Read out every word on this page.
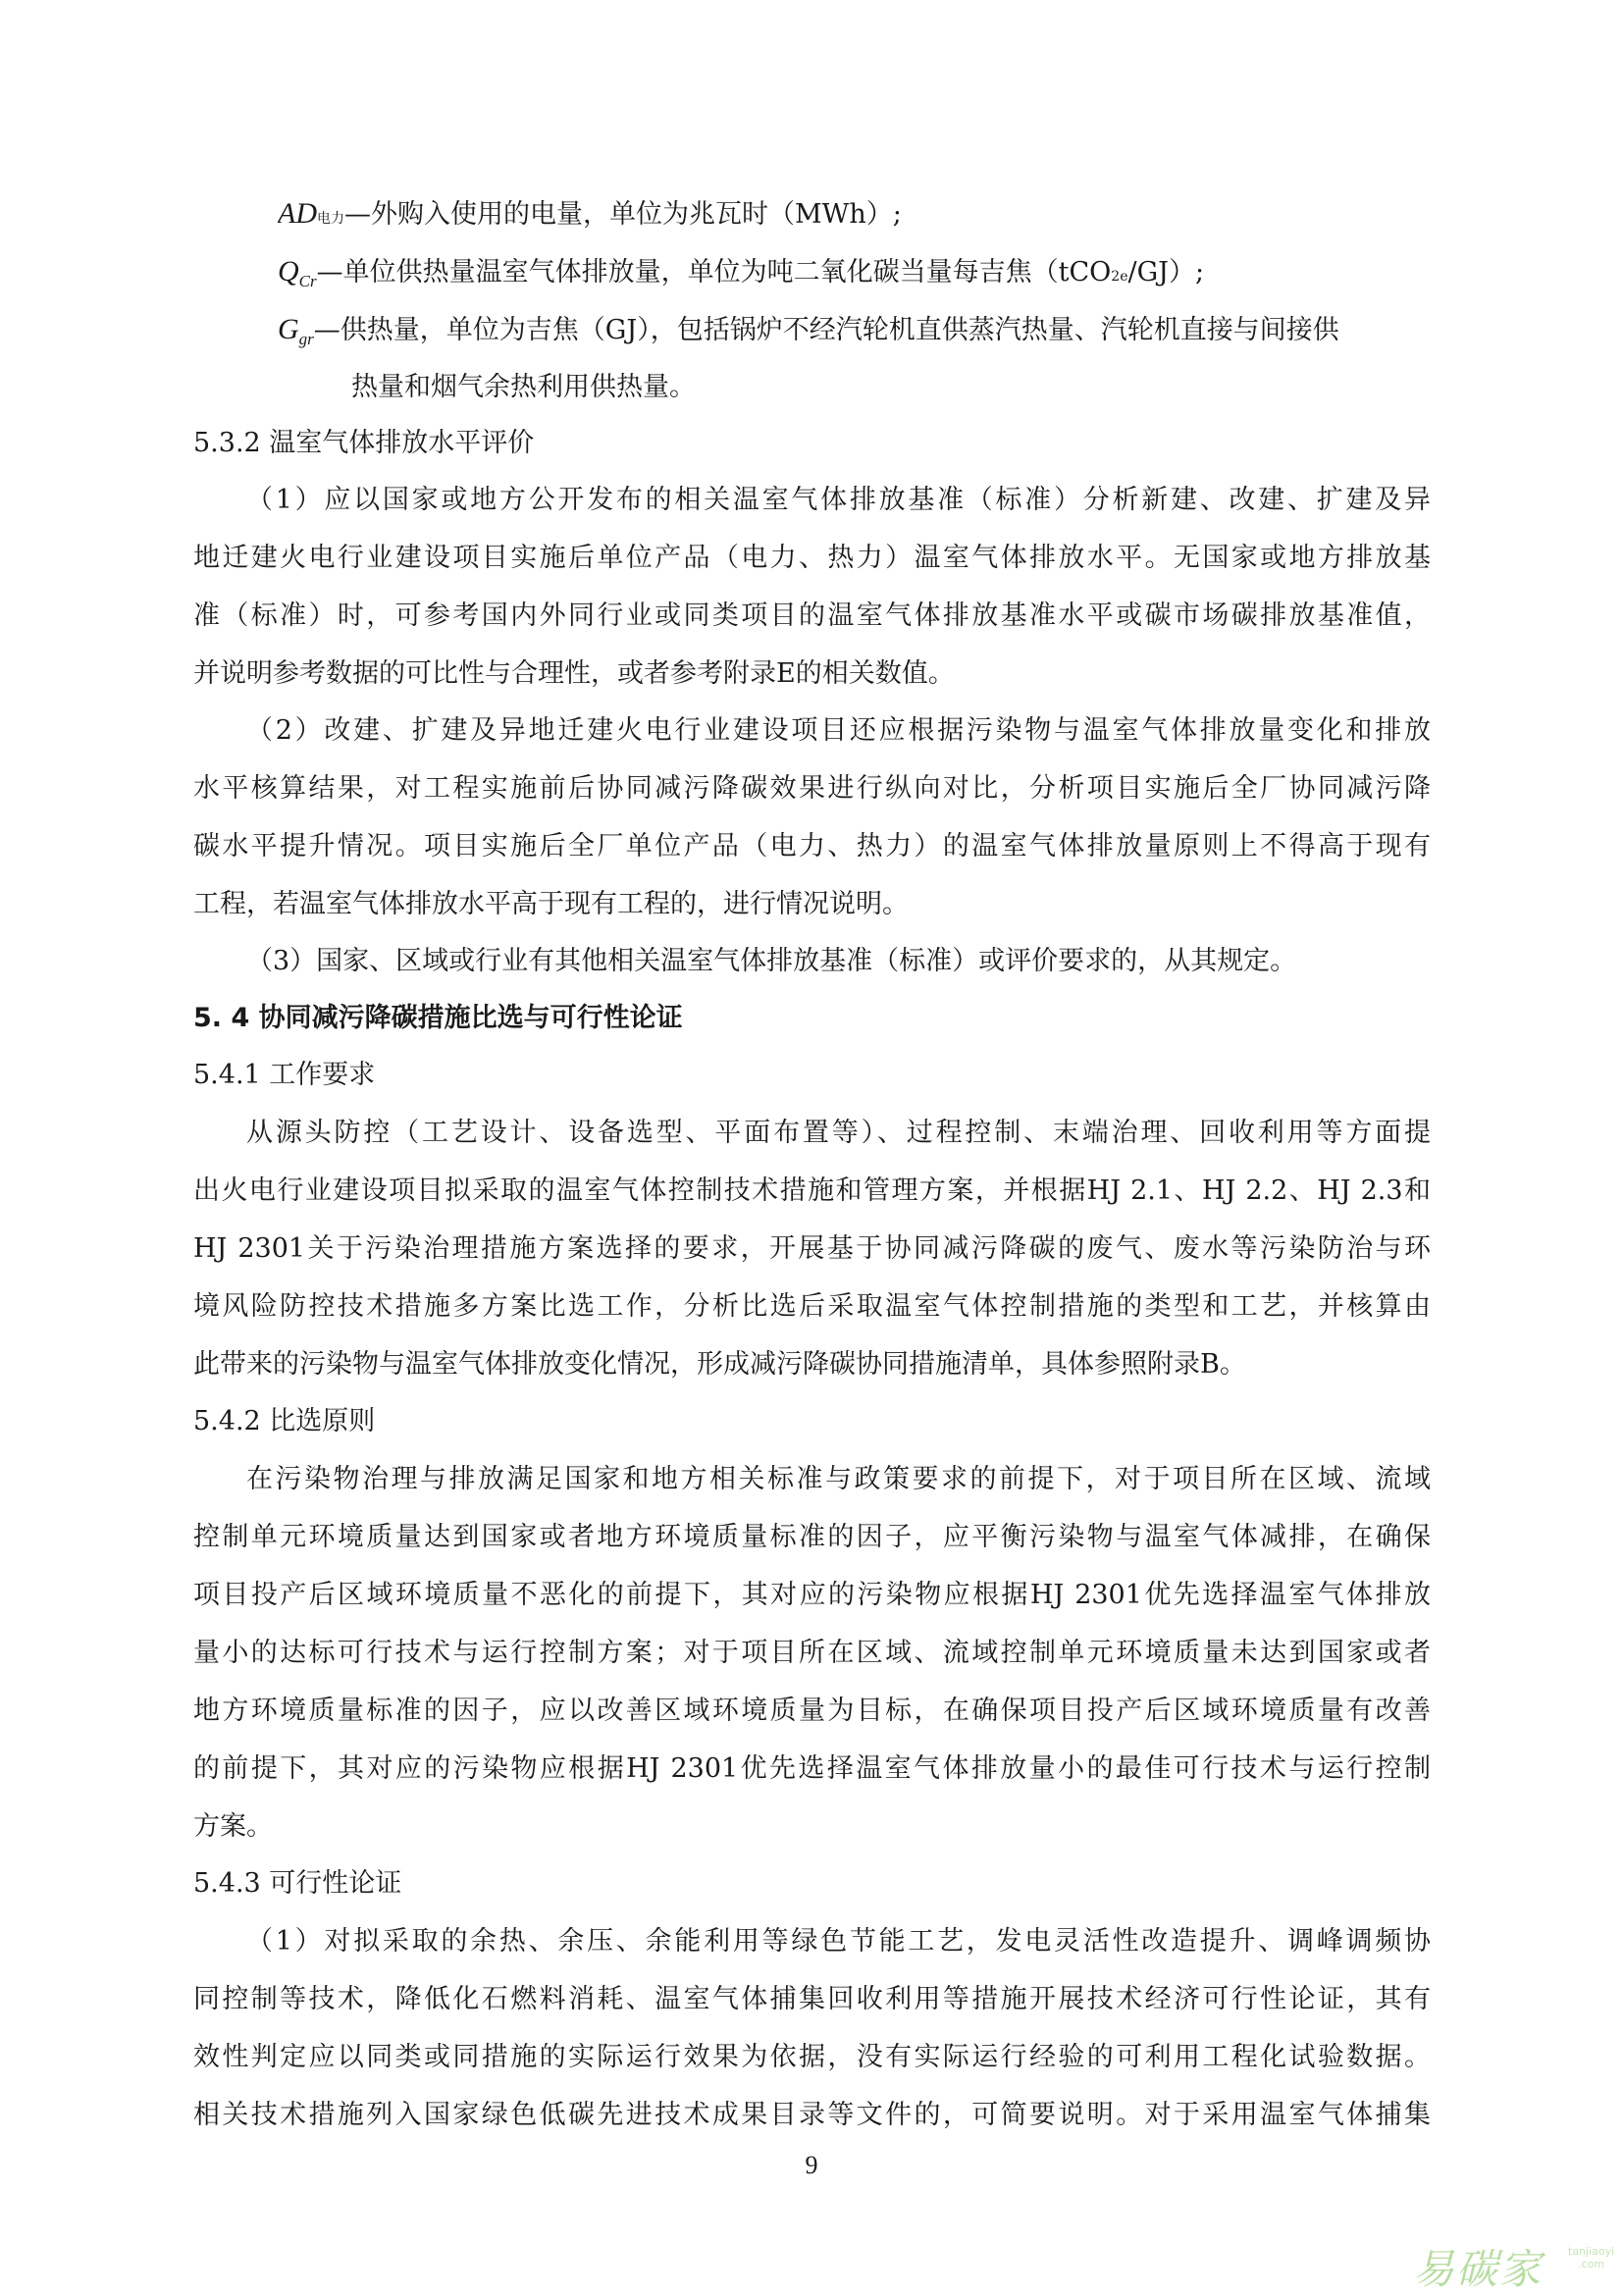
AD电力—外购入使用的电量，单位为兆瓦时（MWh）;
$Q_{Cr}—$单位供热量温室气体排放量，单位为吨二氧化碳当量每吉焦（tCO2e/GJ）;
$G_{gr}—$供热量，单位为吉焦（GJ），包括锅炉不经汽轮机直供蒸汽热量、汽轮机直接与间接供
热量和烟气余热利用供热量。
5.3.2 温室气体排放水平评价
（1）应以国家或地方公开发布的相关温室气体排放基准（标准）分析新建、改建、扩建及异
地迁建火电行业建设项目实施后单位产品（电力、热力）温室气体排放水平。无国家或地方排放基
准（标准）时，可参考国内外同行业或同类项目的温室气体排放基准水平或碳市场碳排放基准值，
并说明参考数据的可比性与合理性，或者参考附录E的相关数值。
（2）改建、扩建及异地迁建火电行业建设项目还应根据污染物与温室气体排放量变化和排放
水平核算结果，对工程实施前后协同减污降碳效果进行纵向对比，分析项目实施后全厂协同减污降
碳水平提升情况。项目实施后全厂单位产品（电力、热力）的温室气体排放量原则上不得高于现有
工程，若温室气体排放水平高于现有工程的，进行情况说明。
（3）国家、区域或行业有其他相关温室气体排放基准（标准）或评价要求的，从其规定。
5. 4 协同减污降碳措施比选与可行性论证
5.4.1 工作要求
从源头防控（工艺设计、设备选型、平面布置等）、过程控制、末端治理、回收利用等方面提
出火电行业建设项目拟采取的温室气体控制技术措施和管理方案，并根据HJ 2.1、HJ 2.2、HJ 2.3和
HJ 2301关于污染治理措施方案选择的要求，开展基于协同减污降碳的废气、废水等污染防治与环
境风险防控技术措施多方案比选工作，分析比选后采取温室气体控制措施的类型和工艺，并核算由
此带来的污染物与温室气体排放变化情况，形成减污降碳协同措施清单，具体参照附录B。
5.4.2 比选原则
在污染物治理与排放满足国家和地方相关标准与政策要求的前提下，对于项目所在区域、流域
控制单元环境质量达到国家或者地方环境质量标准的因子，应平衡污染物与温室气体减排，在确保
项目投产后区域环境质量不恶化的前提下，其对应的污染物应根据HJ 2301优先选择温室气体排放
量小的达标可行技术与运行控制方案；对于项目所在区域、流域控制单元环境质量未达到国家或者
地方环境质量标准的因子，应以改善区域环境质量为目标，在确保项目投产后区域环境质量有改善
的前提下，其对应的污染物应根据HJ 2301优先选择温室气体排放量小的最佳可行技术与运行控制
方案。
5.4.3 可行性论证
（1）对拟采取的余热、余压、余能利用等绿色节能工艺，发电灵活性改造提升、调峰调频协
同控制等技术，降低化石燃料消耗、温室气体捕集回收利用等措施开展技术经济可行性论证，其有
效性判定应以同类或同措施的实际运行效果为依据，没有实际运行经验的可利用工程化试验数据。
相关技术措施列入国家绿色低碳先进技术成果目录等文件的，可简要说明。对于采用温室气体捕集
9
易碳家 tanjiaoyi
.com
